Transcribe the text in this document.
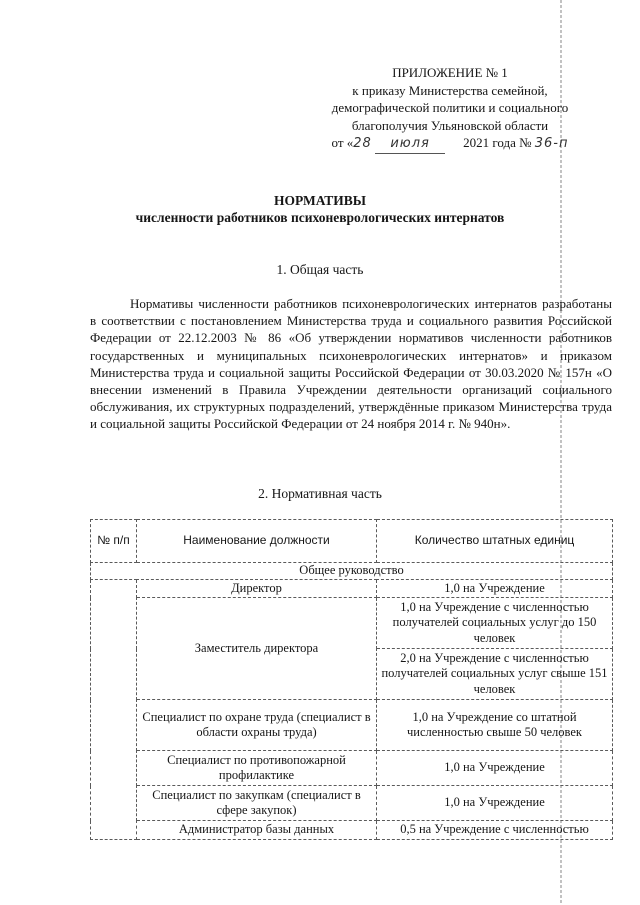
ПРИЛОЖЕНИЕ № 1
к приказу Министерства семейной,
демографической политики и социального
благополучия Ульяновской области
от «28 июля	2021 года № 36-п
НОРМАТИВЫ
численности работников психоневрологических интернатов
1. Общая часть
Нормативы численности работников психоневрологических интернатов разработаны в соответствии с постановлением Министерства труда и социального развития Российской Федерации от 22.12.2003 № 86 «Об утверждении нормативов численности работников государственных и муниципальных психоневрологических интернатов» и приказом Министерства труда и социальной защиты Российской Федерации от 30.03.2020 № 157н «О внесении изменений в Правила Учреждении деятельности организаций социального обслуживания, их структурных подразделений, утверждённые приказом Министерства труда и социальной защиты Российской Федерации от 24 ноября 2014 г. № 940н».
2. Нормативная часть
№ п/п	Наименование должности	Количество штатных единиц
Общее руководство		
	Директор	1,0 на Учреждение
	Заместитель директора	1,0 на Учреждение с численностью получателей социальных услуг до 150 человек
		2,0 на Учреждение с численностью получателей социальных услуг свыше 151 человек
	Специалист по охране труда (специалист в области охраны труда)	1,0 на Учреждение со штатной численностью свыше 50 человек
	Специалист по противопожарной профилактике	1,0 на Учреждение
	Специалист по закупкам (специалист в сфере закупок)	1,0 на Учреждение
	Администратор базы данных	0,5 на Учреждение с численностью
